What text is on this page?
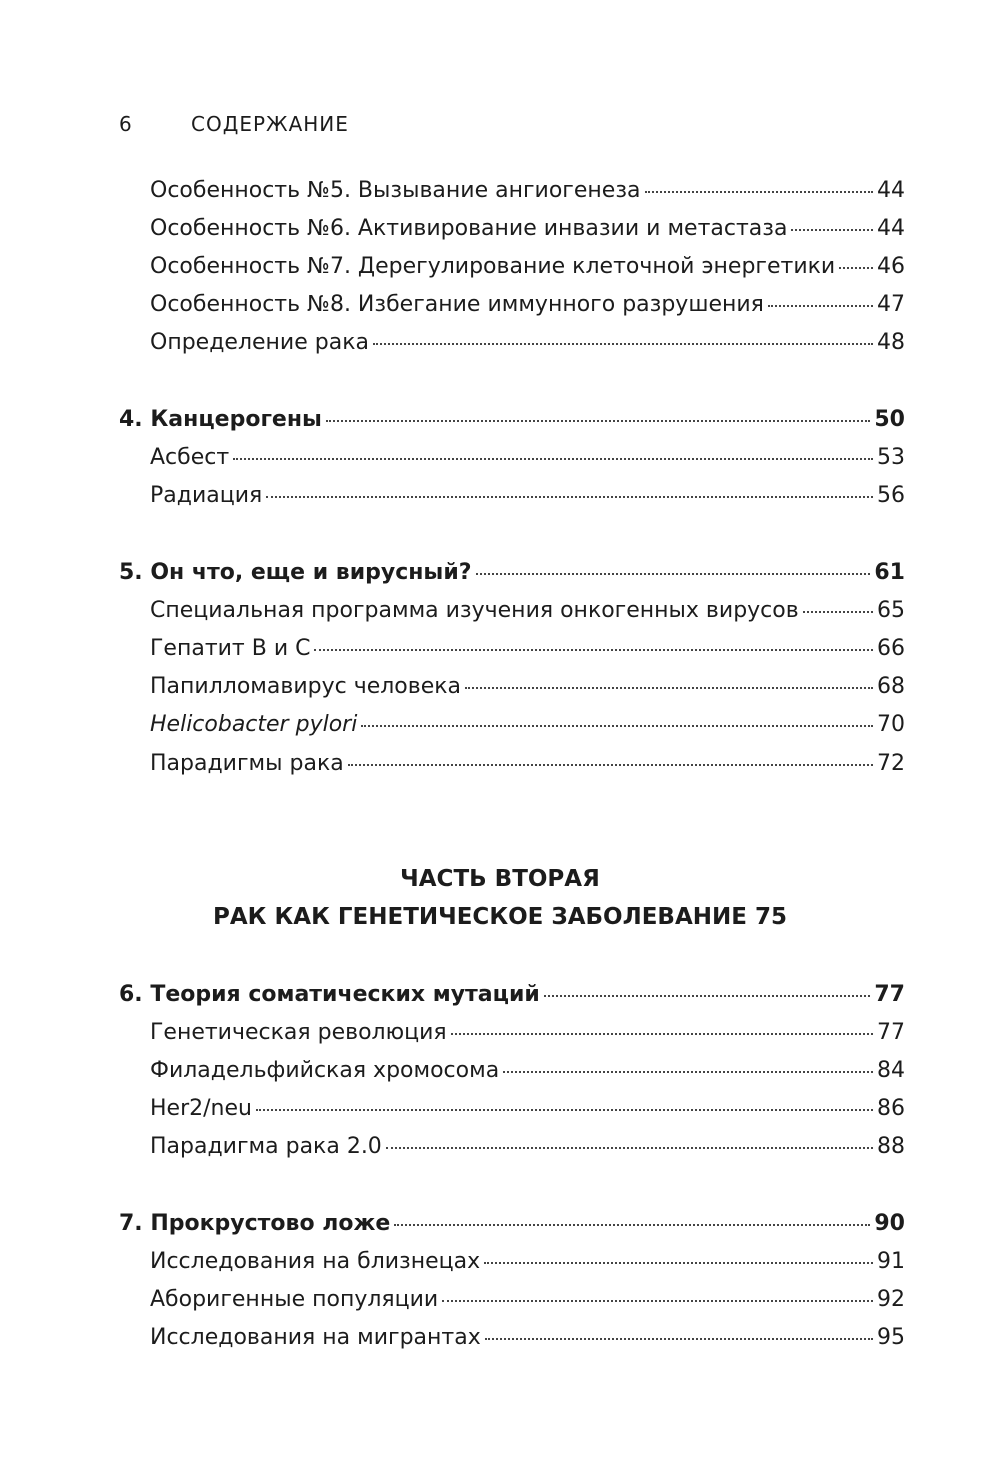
6	СОДЕРЖАНИЕ
Особенность №5. Вызывание ангиогенеза	44
Особенность №6. Активирование инвазии и метастаза	44
Особенность №7. Дерегулирование клеточной энергетики 46
Особенность №8. Избегание иммунного разрушения	47
Определение рака	48
4. Канцерогены	50
Асбест	53
Радиация	56
5. Он что, еще и вирусный?	61
Специальная программа изучения онкогенных вирусов	65
Гепатит В и С	66
Папилломавирус человека	68
Helicobacter pylori	70
Парадигмы рака	72
6. Теория соматических мутаций	77
Генетическая революция	77
Филадельфийская хромосома	84
Her2/neu	86
Парадигма рака 2.0	88
7. Прокрустово ложе	90
Исследования на близнецах	91
Аборигенные популяции	92
Исследования на мигрантах	95
ЧАСТЬ ВТОРАЯ
РАК КАК ГЕНЕТИЧЕСКОЕ ЗАБОЛЕВАНИЕ 75
